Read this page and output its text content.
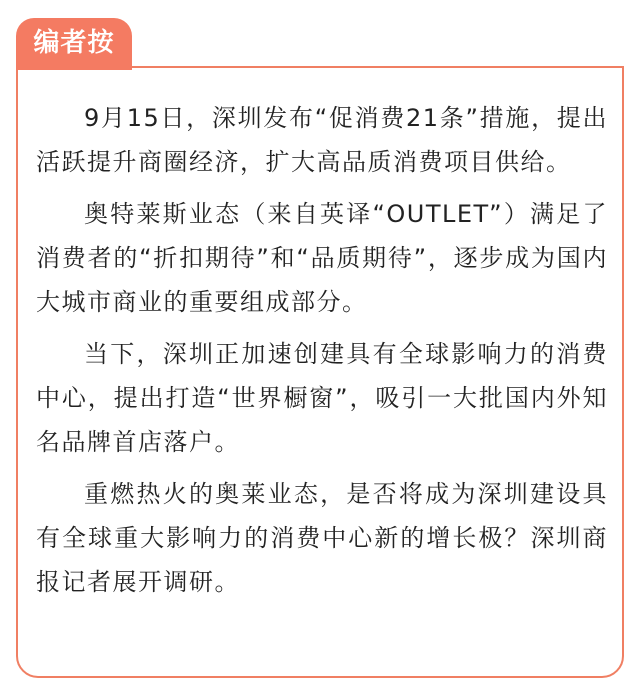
编者按

9月15日，深圳发布“促消费21条”措施，提出活跃提升商圈经济，扩大高品质消费项目供给。

奥特莱斯业态（来自英译“OUTLET”）满足了消费者的“折扣期待”和“品质期待”，逐步成为国内大城市商业的重要组成部分。

当下，深圳正加速创建具有全球影响力的消费中心，提出打造“世界橱窗”，吸引一大批国内外知名品牌首店落户。

重燃热火的奥莱业态，是否将成为深圳建设具有全球重大影响力的消费中心新的增长极？深圳商报记者展开调研。
